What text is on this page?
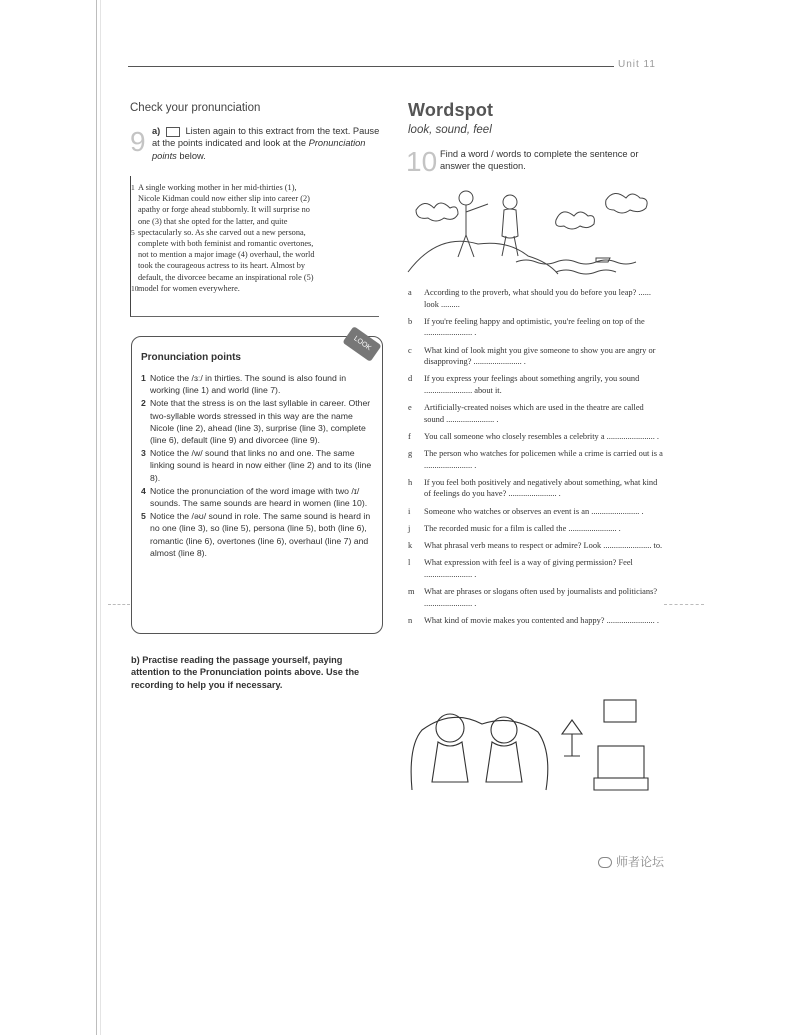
Unit 11
Check your pronunciation
9 a)	Listen again to this extract from the text. Pause at the points indicated and look at the Pronunciation points below.
1 A single working mother in her mid-thirties (1),
Nicole Kidman could now either slip into career (2)
apathy or forge ahead stubbornly. It will surprise no
one (3) that she opted for the latter, and quite
5 spectacularly so. As she carved out a new persona,
complete with both feminist and romantic overtones,
not to mention a major image (4) overhaul, the world
took the courageous actress to its heart. Almost by
default, the divorcee became an inspirational role (5)
10 model for women everywhere.
LOOK
Pronunciation points
1 Notice the /ɜː/ in thirties. The sound is also found in working (line 1) and world (line 7).
2 Note that the stress is on the last syllable in career. Other two-syllable words stressed in this way are the name Nicole (line 2), ahead (line 3), surprise (line 3), complete (line 6), default (line 9) and divorcee (line 9).
3 Notice the /w/ sound that links no and one. The same linking sound is heard in now either (line 2) and to its (line 8).
4 Notice the pronunciation of the word image with two /ɪ/ sounds. The same sounds are heard in women (line 10).
5 Notice the /əʊ/ sound in role. The same sound is heard in no one (line 3), so (line 5), persona (line 5), both (line 6), romantic (line 6), overtones (line 6), overhaul (line 7) and almost (line 8).
b) Practise reading the passage yourself, paying attention to the Pronunciation points above. Use the recording to help you if necessary.
Wordspot
look, sound, feel
10 Find a word / words to complete the sentence or answer the question.
a According to the proverb, what should you do before you leap? ...... look .........
b If you're feeling happy and optimistic, you're feeling on top of the ....................... .
c What kind of look might you give someone to show you are angry or disapproving? ....................... .
d If you express your feelings about something angrily, you sound ....................... about it.
e Artificially-created noises which are used in the theatre are called sound ....................... .
f You call someone who closely resembles a celebrity a ....................... .
g The person who watches for policemen while a crime is carried out is a ....................... .
h If you feel both positively and negatively about something, what kind of feelings do you have? ....................... .
i Someone who watches or observes an event is an ....................... .
j The recorded music for a film is called the ....................... .
k What phrasal verb means to respect or admire? Look ....................... to.
l What expression with feel is a way of giving permission? Feel ....................... .
m What are phrases or slogans often used by journalists and politicians? ....................... .
n What kind of movie makes you contented and happy? ....................... .
师者论坛
